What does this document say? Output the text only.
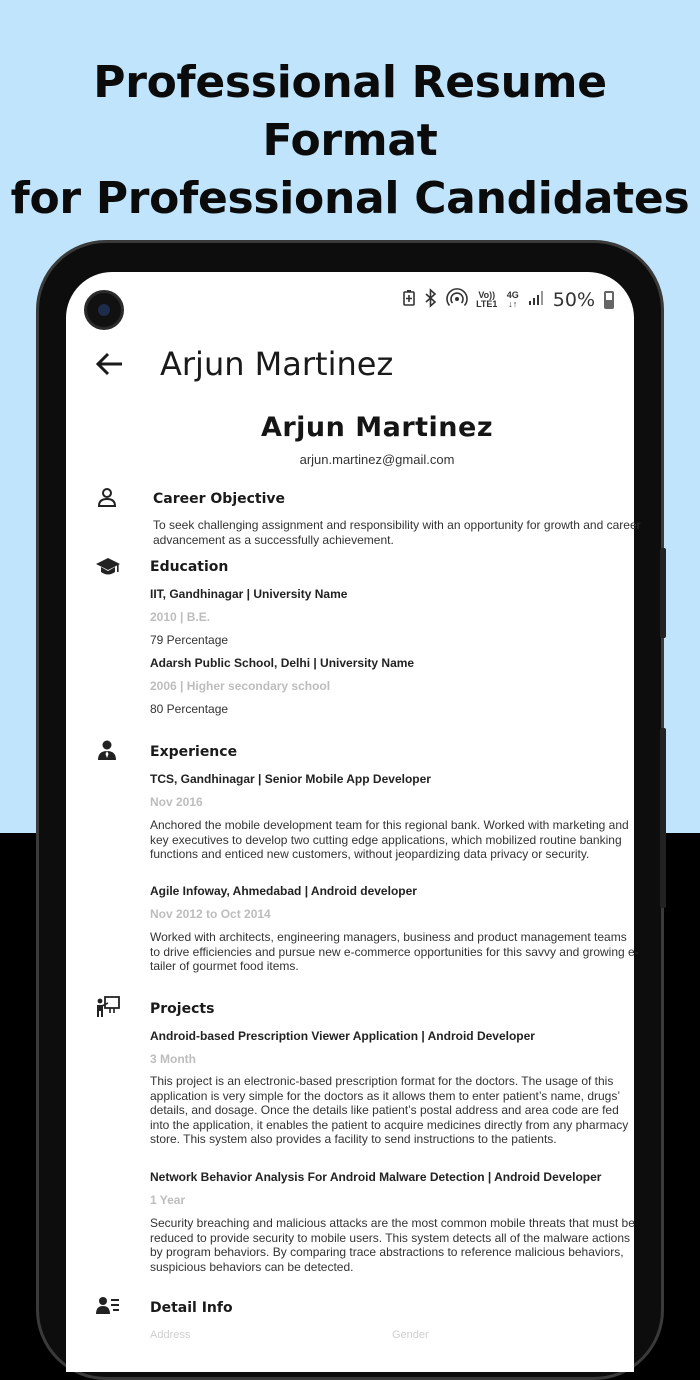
Professional Resume Format
for Professional Candidates
Vo)) LTE1
4G
↓↑ 50%
Arjun Martinez
Arjun Martinez
arjun.martinez@gmail.com
Career Objective
To seek challenging assignment and responsibility with an opportunity for growth and career advancement as a successfully achievement.
Education
IIT, Gandhinagar | University Name
2010 | B.E.
79 Percentage
Adarsh Public School, Delhi | University Name
2006 | Higher secondary school
80 Percentage
Experience
TCS, Gandhinagar | Senior Mobile App Developer
Nov 2016
Anchored the mobile development team for this regional bank. Worked with marketing and key executives to develop two cutting edge applications, which mobilized routine banking functions and enticed new customers, without jeopardizing data privacy or security.
Agile Infoway, Ahmedabad | Android developer
Nov 2012 to Oct 2014
Worked with architects, engineering managers, business and product management teams to drive efficiencies and pursue new e-commerce opportunities for this savvy and growing e-tailer of gourmet food items.
Projects
Android-based Prescription Viewer Application | Android Developer
3 Month
This project is an electronic-based prescription format for the doctors. The usage of this application is very simple for the doctors as it allows them to enter patient’s name, drugs’ details, and dosage. Once the details like patient’s postal address and area code are fed into the application, it enables the patient to acquire medicines directly from any pharmacy store. This system also provides a facility to send instructions to the patients.
Network Behavior Analysis For Android Malware Detection | Android Developer
1 Year
Security breaching and malicious attacks are the most common mobile threats that must be reduced to provide security to mobile users. This system detects all of the malware actions by program behaviors. By comparing trace abstractions to reference malicious behaviors, suspicious behaviors can be detected.
Detail Info
Address	Gender
